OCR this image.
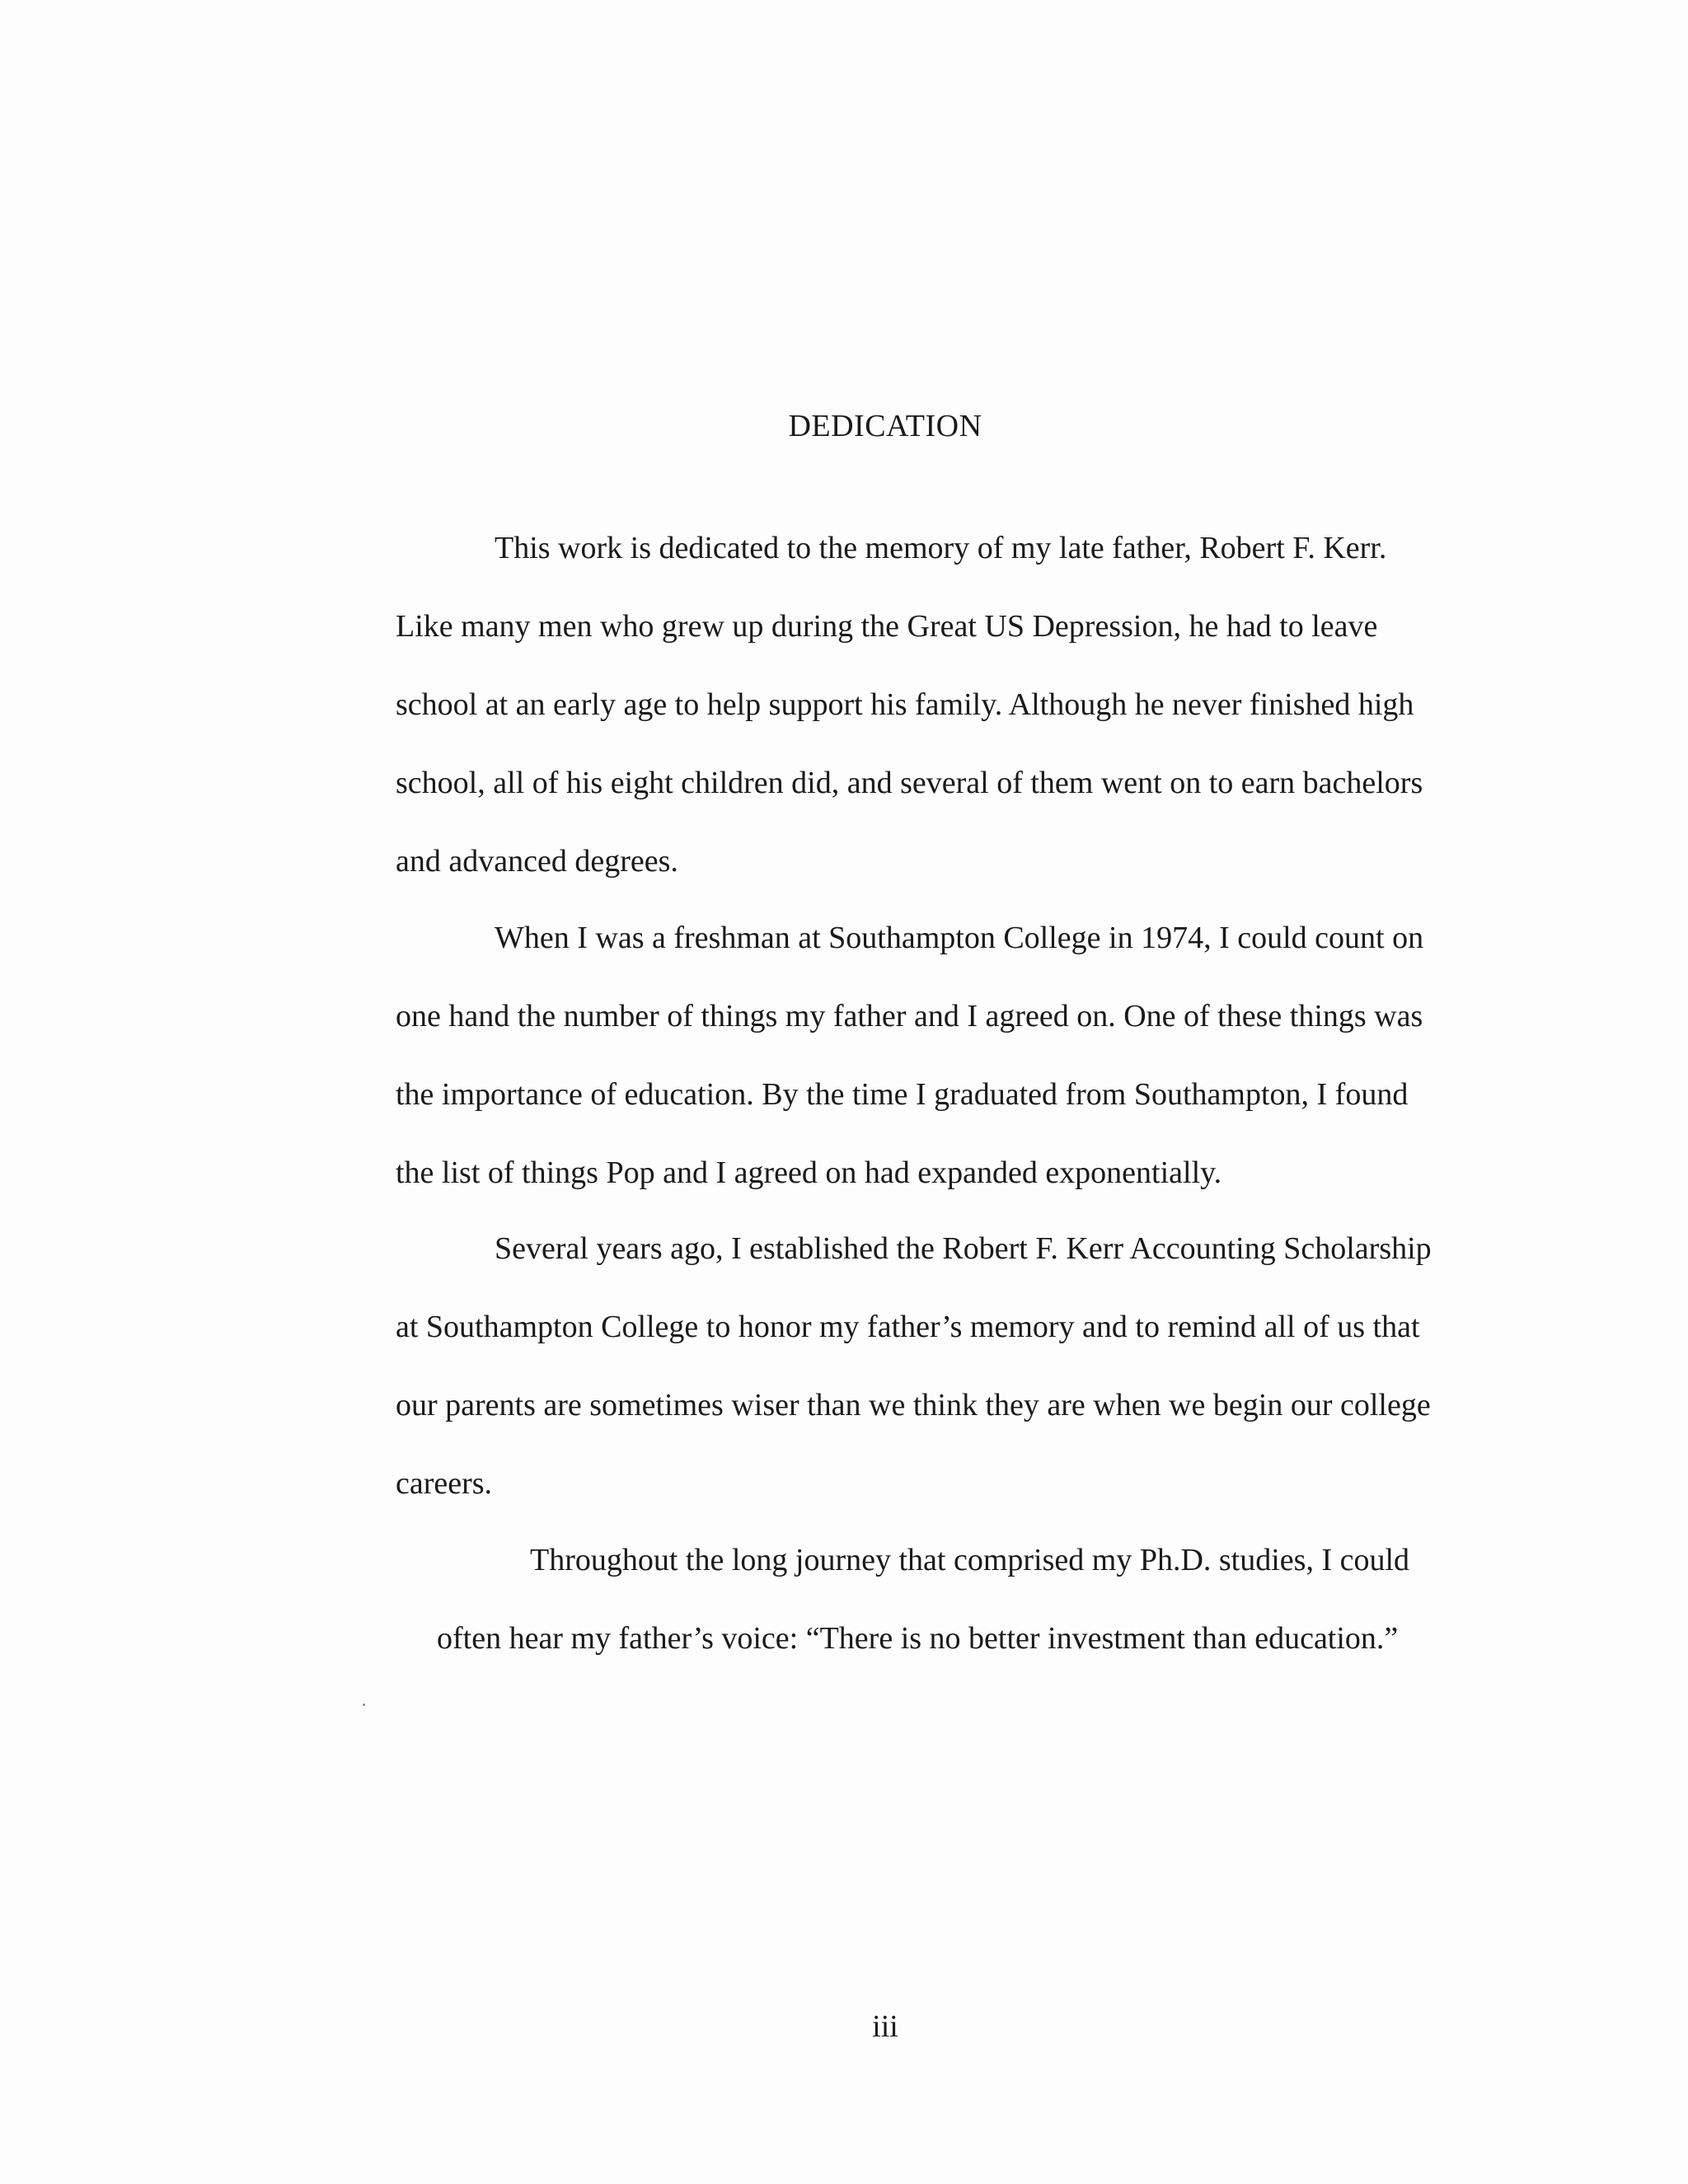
DEDICATION

This work is dedicated to the memory of my late father, Robert F. Kerr.

Like many men who grew up during the Great US Depression, he had to leave

school at an early age to help support his family. Although he never finished high

school, all of his eight children did, and several of them went on to earn bachelors

and advanced degrees.

When I was a freshman at Southampton College in 1974, I could count on

one hand the number of things my father and I agreed on. One of these things was

the importance of education. By the time I graduated from Southampton, I found

the list of things Pop and I agreed on had expanded exponentially.

Several years ago, I established the Robert F. Kerr Accounting Scholarship

at Southampton College to honor my father’s memory and to remind all of us that

our parents are sometimes wiser than we think they are when we begin our college

careers.

Throughout the long journey that comprised my Ph.D. studies, I could

often hear my father’s voice: “There is no better investment than education.”

iii
